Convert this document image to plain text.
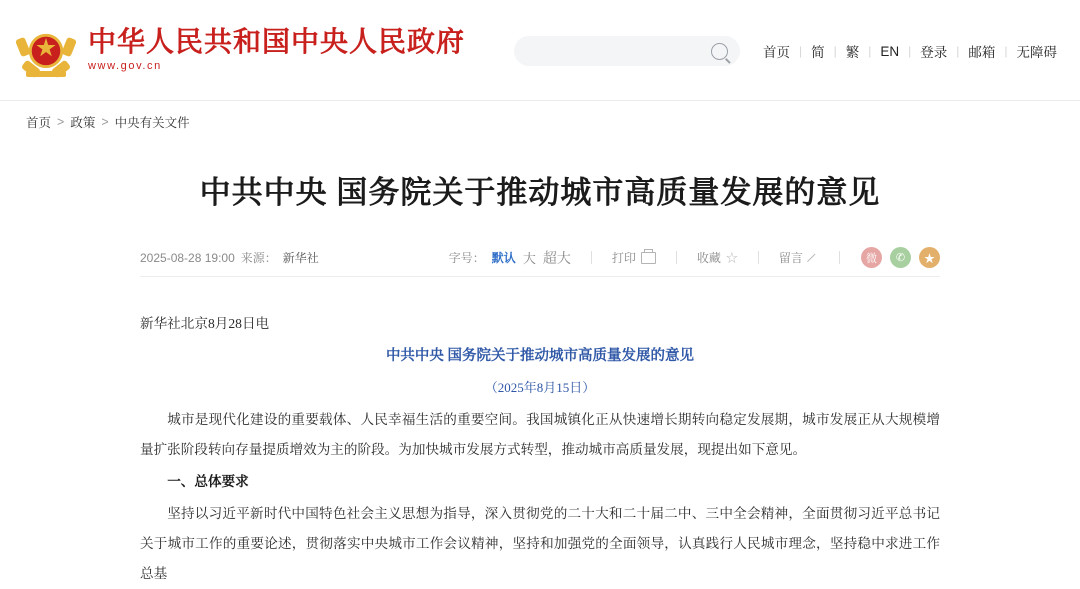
中华人民共和国中央人民政府
www.gov.cn
首页 | 简 | 繁 | EN | 登录 | 邮箱 | 无障碍
首页 > 政策 > 中央有关文件
中共中央 国务院关于推动城市高质量发展的意见
2025-08-28 19:00 来源： 新华社	字号： 默认 大 超大	打印	收藏 ☆	留言	微	✆	★

新华社北京8月28日电

中共中央 国务院关于推动城市高质量发展的意见

（2025年8月15日）

城市是现代化建设的重要载体、人民幸福生活的重要空间。我国城镇化正从快速增长期转向稳定发展期，城市发展正从大规模增量扩张阶段转向存量提质增效为主的阶段。为加快城市发展方式转型，推动城市高质量发展，现提出如下意见。

一、总体要求

坚持以习近平新时代中国特色社会主义思想为指导，深入贯彻党的二十大和二十届二中、三中全会精神，全面贯彻习近平总书记关于城市工作的重要论述，贯彻落实中央城市工作会议精神，坚持和加强党的全面领导，认真践行人民城市理念，坚持稳中求进工作总基
